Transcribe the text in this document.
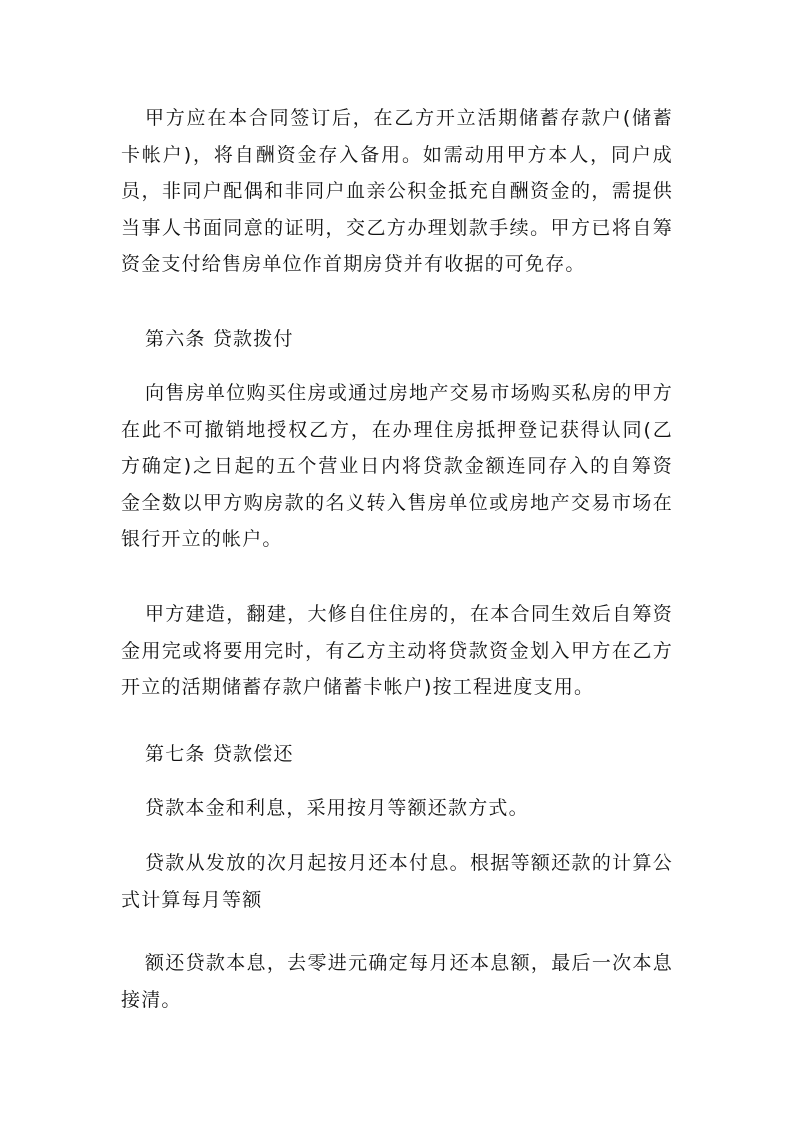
甲方应在本合同签订后，在乙方开立活期储蓄存款户(储蓄卡帐户)，将自酬资金存入备用。如需动用甲方本人，同户成员，非同户配偶和非同户血亲公积金抵充自酬资金的，需提供当事人书面同意的证明，交乙方办理划款手续。甲方已将自筹资金支付给售房单位作首期房贷并有收据的可免存。

第六条 贷款拨付

向售房单位购买住房或通过房地产交易市场购买私房的甲方在此不可撤销地授权乙方，在办理住房抵押登记获得认同(乙方确定)之日起的五个营业日内将贷款金额连同存入的自筹资金全数以甲方购房款的名义转入售房单位或房地产交易市场在银行开立的帐户。

甲方建造，翻建，大修自住住房的，在本合同生效后自筹资金用完或将要用完时，有乙方主动将贷款资金划入甲方在乙方开立的活期储蓄存款户储蓄卡帐户)按工程进度支用。

第七条 贷款偿还

贷款本金和利息，采用按月等额还款方式。

贷款从发放的次月起按月还本付息。根据等额还款的计算公式计算每月等额

额还贷款本息，去零进元确定每月还本息额，最后一次本息接清。
